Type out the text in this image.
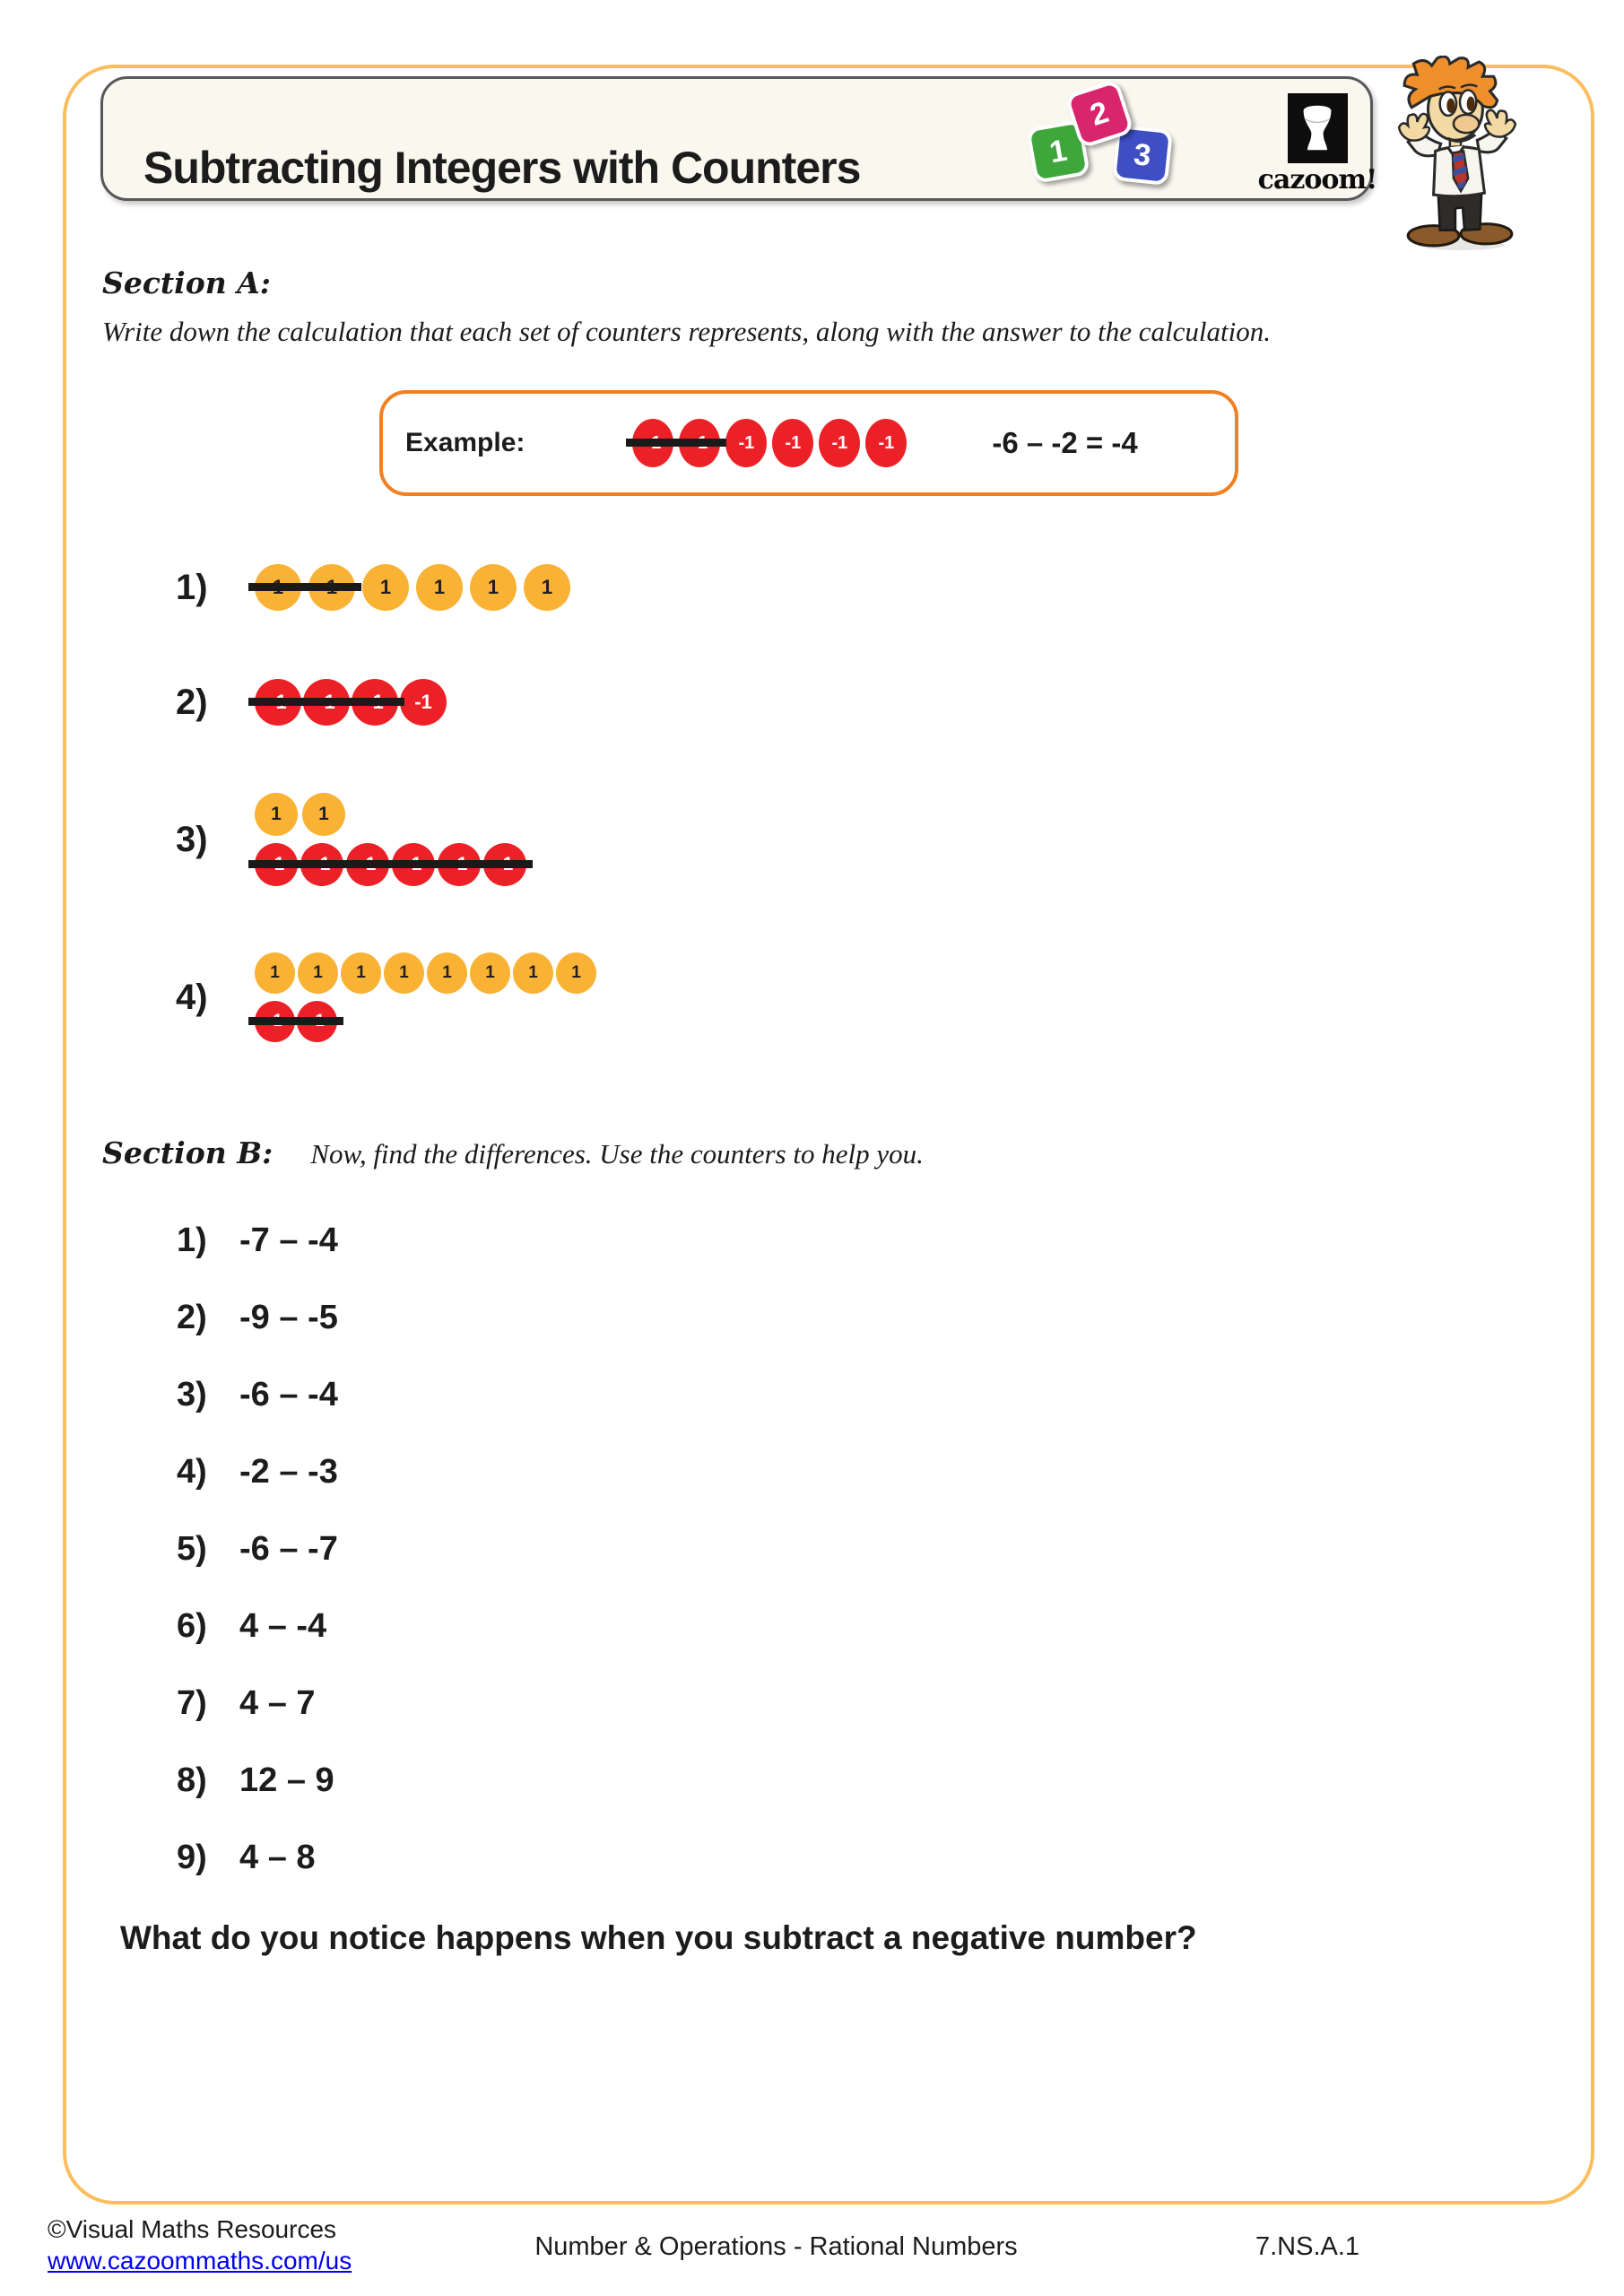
Subtracting Integers with Counters	1
2
3
cazoom!
Section A:
Write down the calculation that each set of counters represents, along with the answer to the calculation.
Example:	-1	-1	-1	-1	-6 – -2 = -4
1)	1	1	1	1
2)	-1
3)
1	1
4)
1	1	1	1	1	1	1	1
Section B: Now, find the differences. Use the counters to help you.
1) -7 – -4
2) -9 – -5
3) -6 – -4
4) -2 – -3
5) -6 – -7
6) 4 – -4
7) 4 – 7
8) 12 – 9
9) 4 – 8
What do you notice happens when you subtract a negative number?
©Visual Maths Resources
www.cazoommaths.com/us	Number & Operations - Rational Numbers	7.NS.A.1
